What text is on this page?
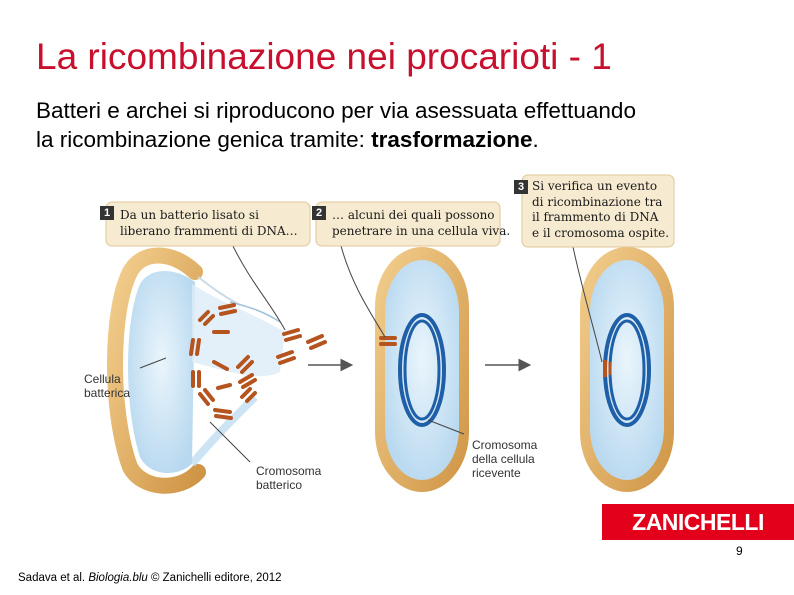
La ricombinazione nei procarioti - 1
Batteri e archei si riproducono per via asessuata effettuando
la ricombinazione genica tramite: trasformazione.
1 Da un batterio lisato si
liberano frammenti di DNA…
2 … alcuni dei quali possono
penetrare in una cellula viva.
3 Si verifica un evento
di ricombinazione tra
il frammento di DNA
e il cromosoma ospite.
Cellula
batterica
Cromosoma
batterico
Cromosoma
della cellula
ricevente
ZANICHELLI
9
Sadava et al. Biologia.blu © Zanichelli editore, 2012
